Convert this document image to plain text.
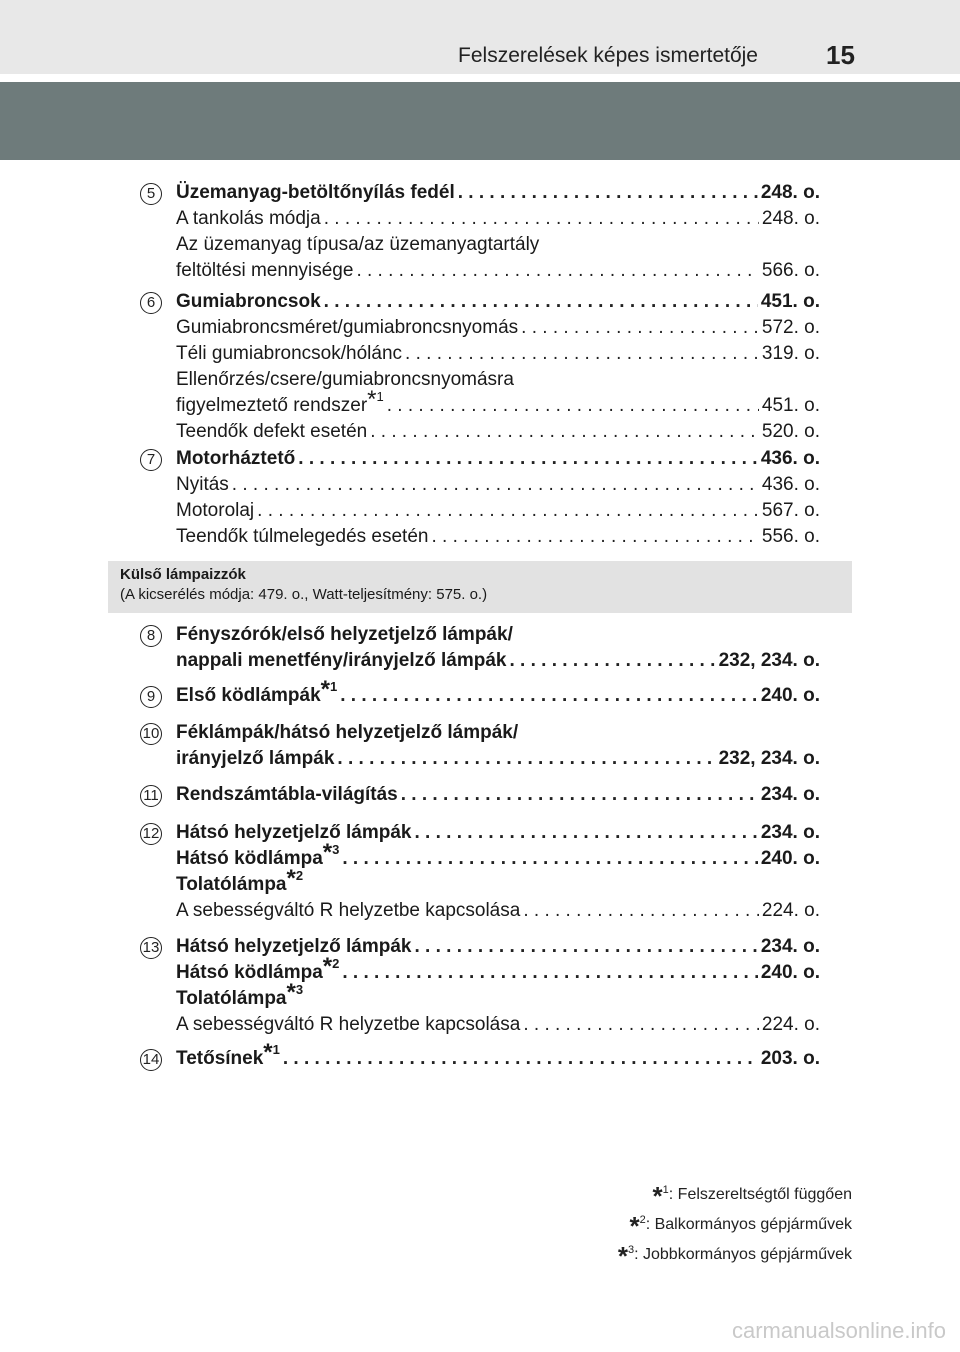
Felszerelések képes ismertetője	15
5	Üzemanyag-betöltőnyílás fedél . . .	248. o.
A tankolás módja . . .	248. o.
Az üzemanyag típusa/az üzemanyagtartály
feltöltési mennyisége . . .	566. o.
6	Gumiabroncsok . . .	451. o.
Gumiabroncsméret/gumiabroncsnyomás . . .	572. o.
Téli gumiabroncsok/hólánc . . .	319. o.
Ellenőrzés/csere/gumiabroncsnyomásra
figyelmeztető rendszer$^{*1}$ . . .	451. o.
Teendők defekt esetén . . .	520. o.
7	Motorháztető . . .	436. o.
Nyitás . . .	436. o.
Motorolaj . . .	567. o.
Teendők túlmelegedés esetén . . .	556. o.
8	Fényszórók/első helyzetjelző lámpák/
nappali menetfény/irányjelző lámpák . . .	232, 234. o.
9	Első ködlámpák$^{*1}$ . . .	240. o.
10 Féklámpák/hátsó helyzetjelző lámpák/
irányjelző lámpák . . .	232, 234. o.
11 Rendszámtábla-világítás . . .	234. o.
12 Hátsó helyzetjelző lámpák . . .	234. o.
Hátsó ködlámpa$^{*3}$ . . .	240. o.
Tolatólámpa$^{*2}$
A sebességváltó R helyzetbe kapcsolása . . .	224. o.
13 Hátsó helyzetjelző lámpák . . .	234. o.
Hátsó ködlámpa$^{*2}$ . . .	240. o.
Tolatólámpa$^{*3}$
A sebességváltó R helyzetbe kapcsolása . . .	224. o.
14 Tetősínek$^{*1}$ . . .	203. o.
Külső lámpaizzók
(A kicserélés módja: 479. o., Watt-teljesítmény: 575. o.)
*$^1$: Felszereltségtől függően
*$^2$: Balkormányos gépjárművek
*$^3$: Jobbkormányos gépjárművek
carmanualsonline.info
